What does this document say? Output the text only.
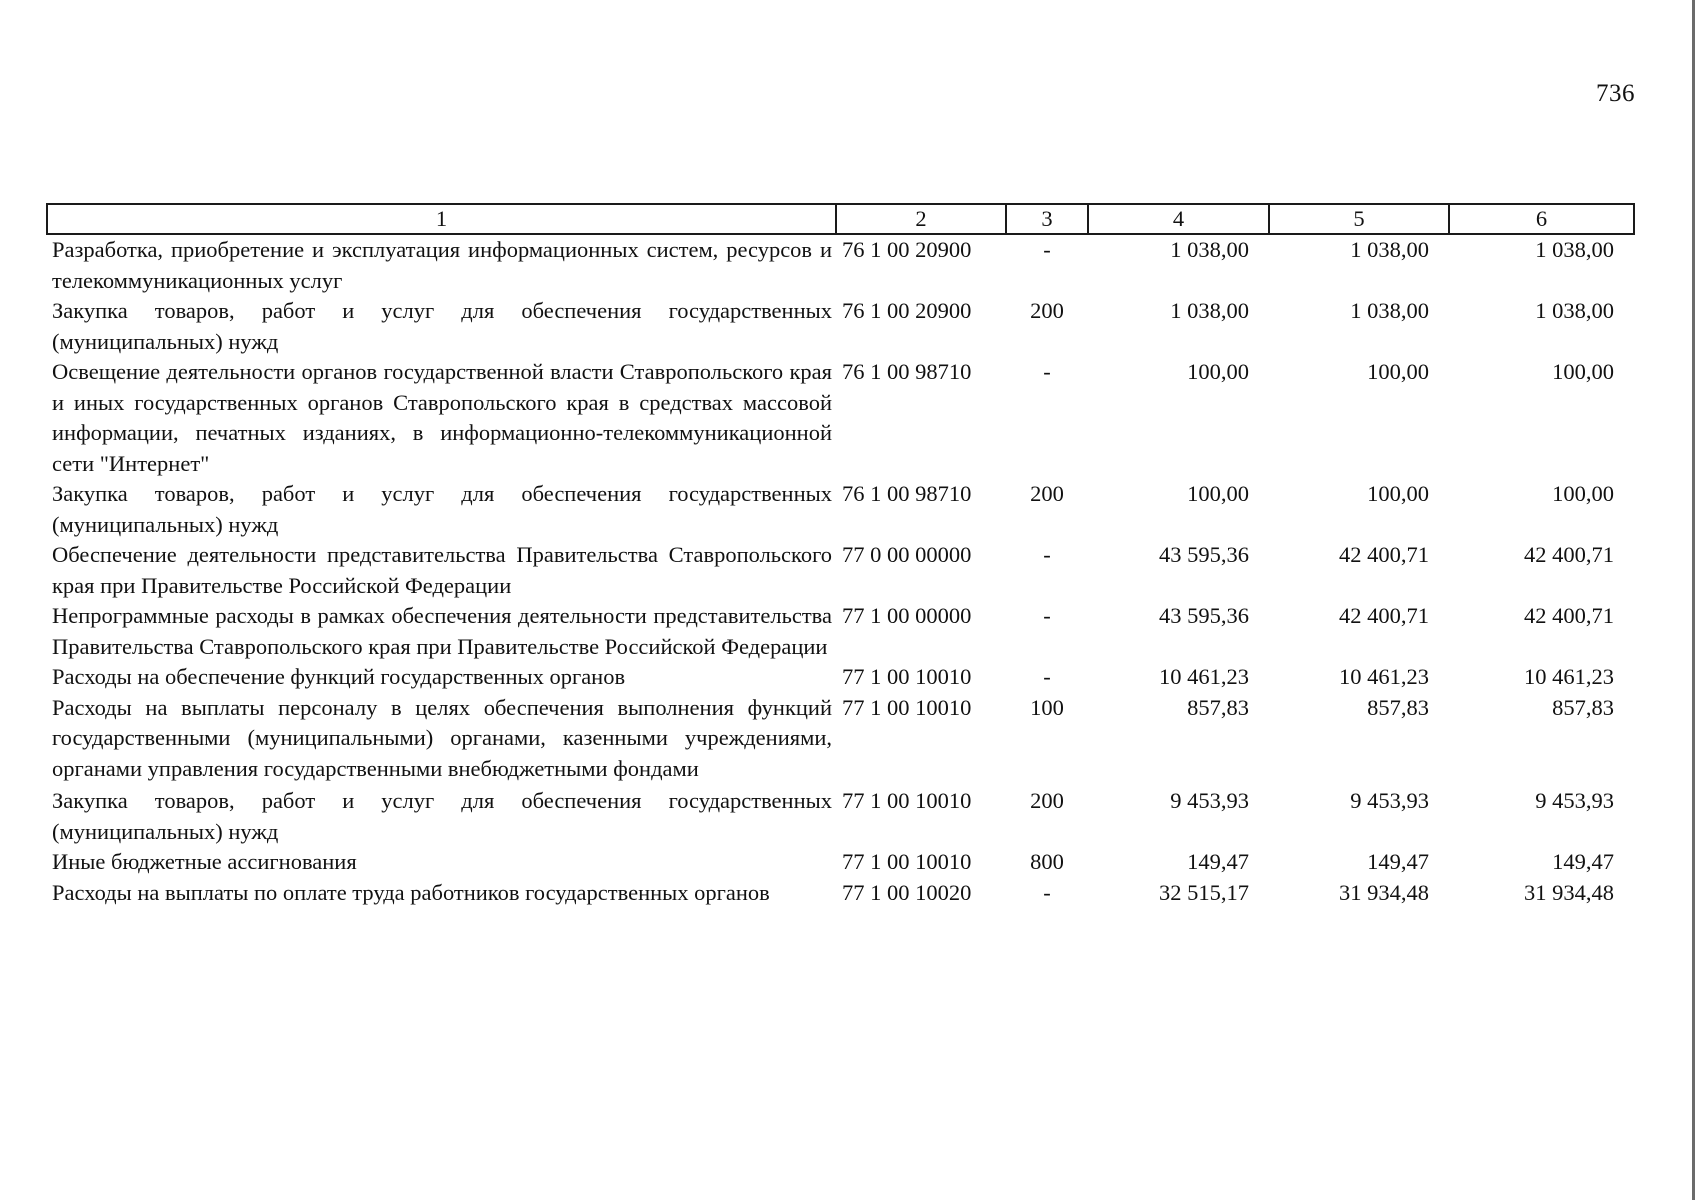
736
1	2	3	4	5	6
Разработка, приобретение и эксплуатация информационных систем, ресурсов и телекоммуникационных услуг	76 1 00 20900	-	1 038,00	1 038,00	1 038,00
Закупка товаров, работ и услуг для обеспечения государственных (муниципальных) нужд	76 1 00 20900	200	1 038,00	1 038,00	1 038,00
Освещение деятельности органов государственной власти Ставропольского края и иных государственных органов Ставропольского края в средствах массовой информации, печатных изданиях, в информационно-телекоммуникационной сети "Интернет"	76 1 00 98710	-	100,00	100,00	100,00
Закупка товаров, работ и услуг для обеспечения государственных (муниципальных) нужд	76 1 00 98710	200	100,00	100,00	100,00
Обеспечение деятельности представительства Правительства Ставропольского края при Правительстве Российской Федерации	77 0 00 00000	-	43 595,36	42 400,71	42 400,71
Непрограммные расходы в рамках обеспечения деятельности представительства Правительства Ставропольского края при Правительстве Российской Федерации	77 1 00 00000	-	43 595,36	42 400,71	42 400,71
Расходы на обеспечение функций государственных органов	77 1 00 10010	-	10 461,23	10 461,23	10 461,23
Расходы на выплаты персоналу в целях обеспечения выполнения функций государственными (муниципальными) органами, казенными учреждениями, органами управления государственными внебюджетными фондами	77 1 00 10010	100	857,83	857,83	857,83
Закупка товаров, работ и услуг для обеспечения государственных (муниципальных) нужд	77 1 00 10010	200	9 453,93	9 453,93	9 453,93
Иные бюджетные ассигнования	77 1 00 10010	800	149,47	149,47	149,47
Расходы на выплаты по оплате труда работников государственных органов	77 1 00 10020	-	32 515,17	31 934,48	31 934,48
